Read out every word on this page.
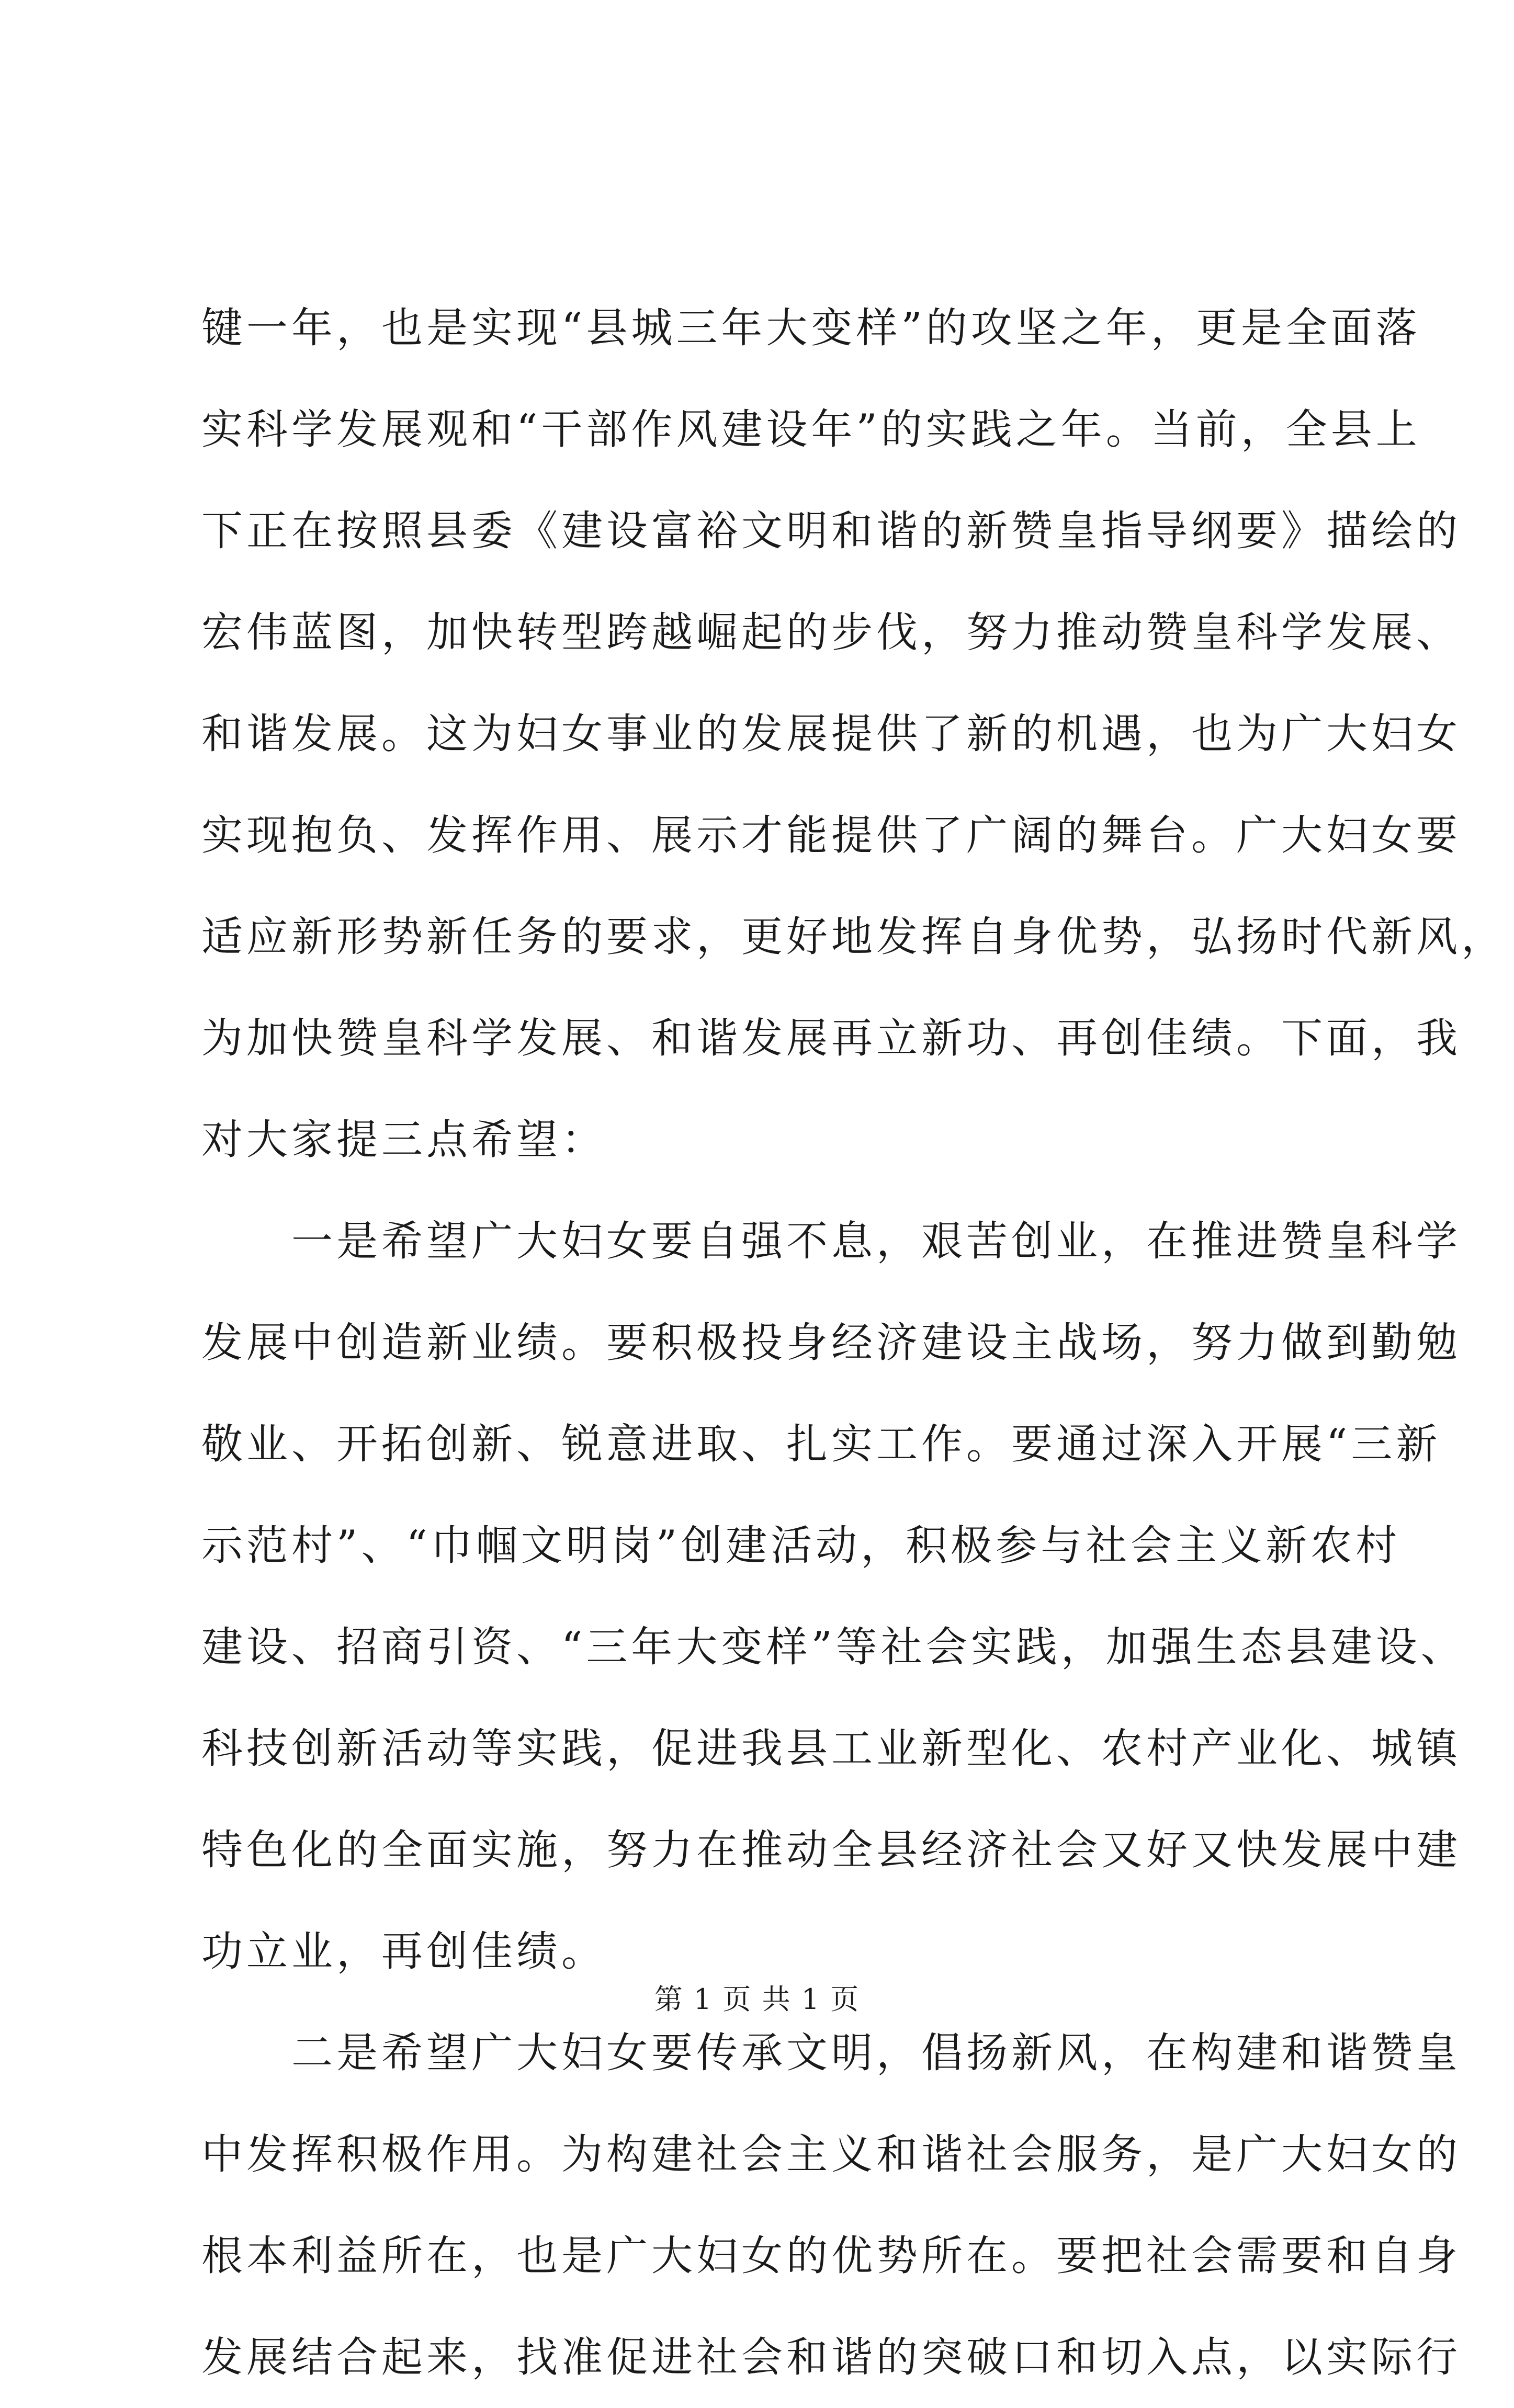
键一年，也是实现“县城三年大变样”的攻坚之年，更是全面落
实科学发展观和“干部作风建设年”的实践之年。当前，全县上
下正在按照县委《建设富裕文明和谐的新赞皇指导纲要》描绘的
宏伟蓝图，加快转型跨越崛起的步伐，努力推动赞皇科学发展、
和谐发展。这为妇女事业的发展提供了新的机遇，也为广大妇女
实现抱负、发挥作用、展示才能提供了广阔的舞台。广大妇女要
适应新形势新任务的要求，更好地发挥自身优势，弘扬时代新风，
为加快赞皇科学发展、和谐发展再立新功、再创佳绩。下面，我
对大家提三点希望：
　　一是希望广大妇女要自强不息，艰苦创业，在推进赞皇科学
发展中创造新业绩。要积极投身经济建设主战场，努力做到勤勉
敬业、开拓创新、锐意进取、扎实工作。要通过深入开展“三新
示范村”、“巾帼文明岗”创建活动，积极参与社会主义新农村
建设、招商引资、“三年大变样”等社会实践，加强生态县建设、
科技创新活动等实践，促进我县工业新型化、农村产业化、城镇
特色化的全面实施，努力在推动全县经济社会又好又快发展中建
功立业，再创佳绩。
　　二是希望广大妇女要传承文明，倡扬新风，在构建和谐赞皇
中发挥积极作用。为构建社会主义和谐社会服务，是广大妇女的
根本利益所在，也是广大妇女的优势所在。要把社会需要和自身
发展结合起来，找准促进社会和谐的突破口和切入点，以实际行
第 1 页 共 1 页
